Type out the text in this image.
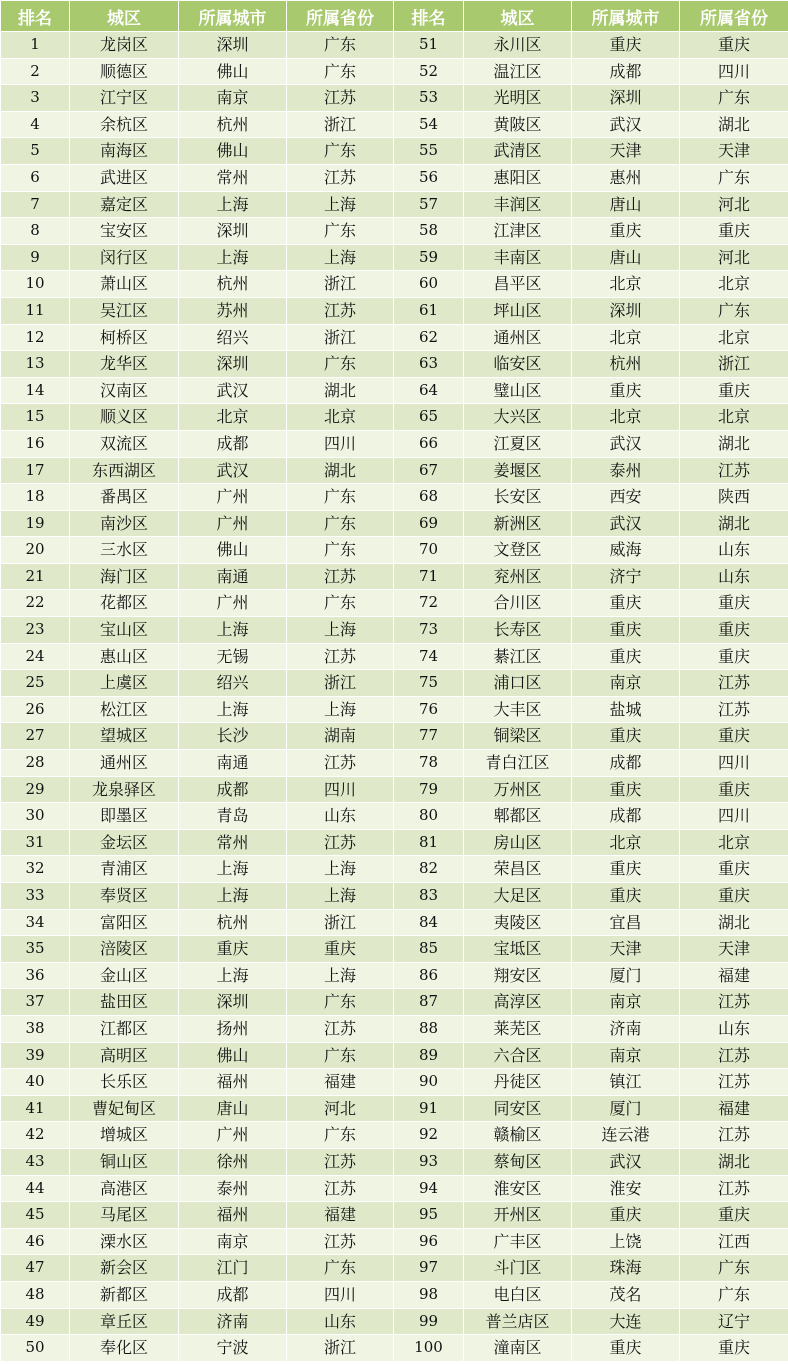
排名	城区	所属城市	所属省份	排名	城区	所属城市	所属省份
1	龙岗区	深圳	广东	51	永川区	重庆	重庆
2	顺德区	佛山	广东	52	温江区	成都	四川
3	江宁区	南京	江苏	53	光明区	深圳	广东
4	余杭区	杭州	浙江	54	黄陂区	武汉	湖北
5	南海区	佛山	广东	55	武清区	天津	天津
6	武进区	常州	江苏	56	惠阳区	惠州	广东
7	嘉定区	上海	上海	57	丰润区	唐山	河北
8	宝安区	深圳	广东	58	江津区	重庆	重庆
9	闵行区	上海	上海	59	丰南区	唐山	河北
10	萧山区	杭州	浙江	60	昌平区	北京	北京
11	吴江区	苏州	江苏	61	坪山区	深圳	广东
12	柯桥区	绍兴	浙江	62	通州区	北京	北京
13	龙华区	深圳	广东	63	临安区	杭州	浙江
14	汉南区	武汉	湖北	64	璧山区	重庆	重庆
15	顺义区	北京	北京	65	大兴区	北京	北京
16	双流区	成都	四川	66	江夏区	武汉	湖北
17	东西湖区	武汉	湖北	67	姜堰区	泰州	江苏
18	番禺区	广州	广东	68	长安区	西安	陕西
19	南沙区	广州	广东	69	新洲区	武汉	湖北
20	三水区	佛山	广东	70	文登区	威海	山东
21	海门区	南通	江苏	71	兖州区	济宁	山东
22	花都区	广州	广东	72	合川区	重庆	重庆
23	宝山区	上海	上海	73	长寿区	重庆	重庆
24	惠山区	无锡	江苏	74	綦江区	重庆	重庆
25	上虞区	绍兴	浙江	75	浦口区	南京	江苏
26	松江区	上海	上海	76	大丰区	盐城	江苏
27	望城区	长沙	湖南	77	铜梁区	重庆	重庆
28	通州区	南通	江苏	78	青白江区	成都	四川
29	龙泉驿区	成都	四川	79	万州区	重庆	重庆
30	即墨区	青岛	山东	80	郫都区	成都	四川
31	金坛区	常州	江苏	81	房山区	北京	北京
32	青浦区	上海	上海	82	荣昌区	重庆	重庆
33	奉贤区	上海	上海	83	大足区	重庆	重庆
34	富阳区	杭州	浙江	84	夷陵区	宜昌	湖北
35	涪陵区	重庆	重庆	85	宝坻区	天津	天津
36	金山区	上海	上海	86	翔安区	厦门	福建
37	盐田区	深圳	广东	87	高淳区	南京	江苏
38	江都区	扬州	江苏	88	莱芜区	济南	山东
39	高明区	佛山	广东	89	六合区	南京	江苏
40	长乐区	福州	福建	90	丹徒区	镇江	江苏
41	曹妃甸区	唐山	河北	91	同安区	厦门	福建
42	增城区	广州	广东	92	赣榆区	连云港	江苏
43	铜山区	徐州	江苏	93	蔡甸区	武汉	湖北
44	高港区	泰州	江苏	94	淮安区	淮安	江苏
45	马尾区	福州	福建	95	开州区	重庆	重庆
46	溧水区	南京	江苏	96	广丰区	上饶	江西
47	新会区	江门	广东	97	斗门区	珠海	广东
48	新都区	成都	四川	98	电白区	茂名	广东
49	章丘区	济南	山东	99	普兰店区	大连	辽宁
50	奉化区	宁波	浙江	100	潼南区	重庆	重庆
